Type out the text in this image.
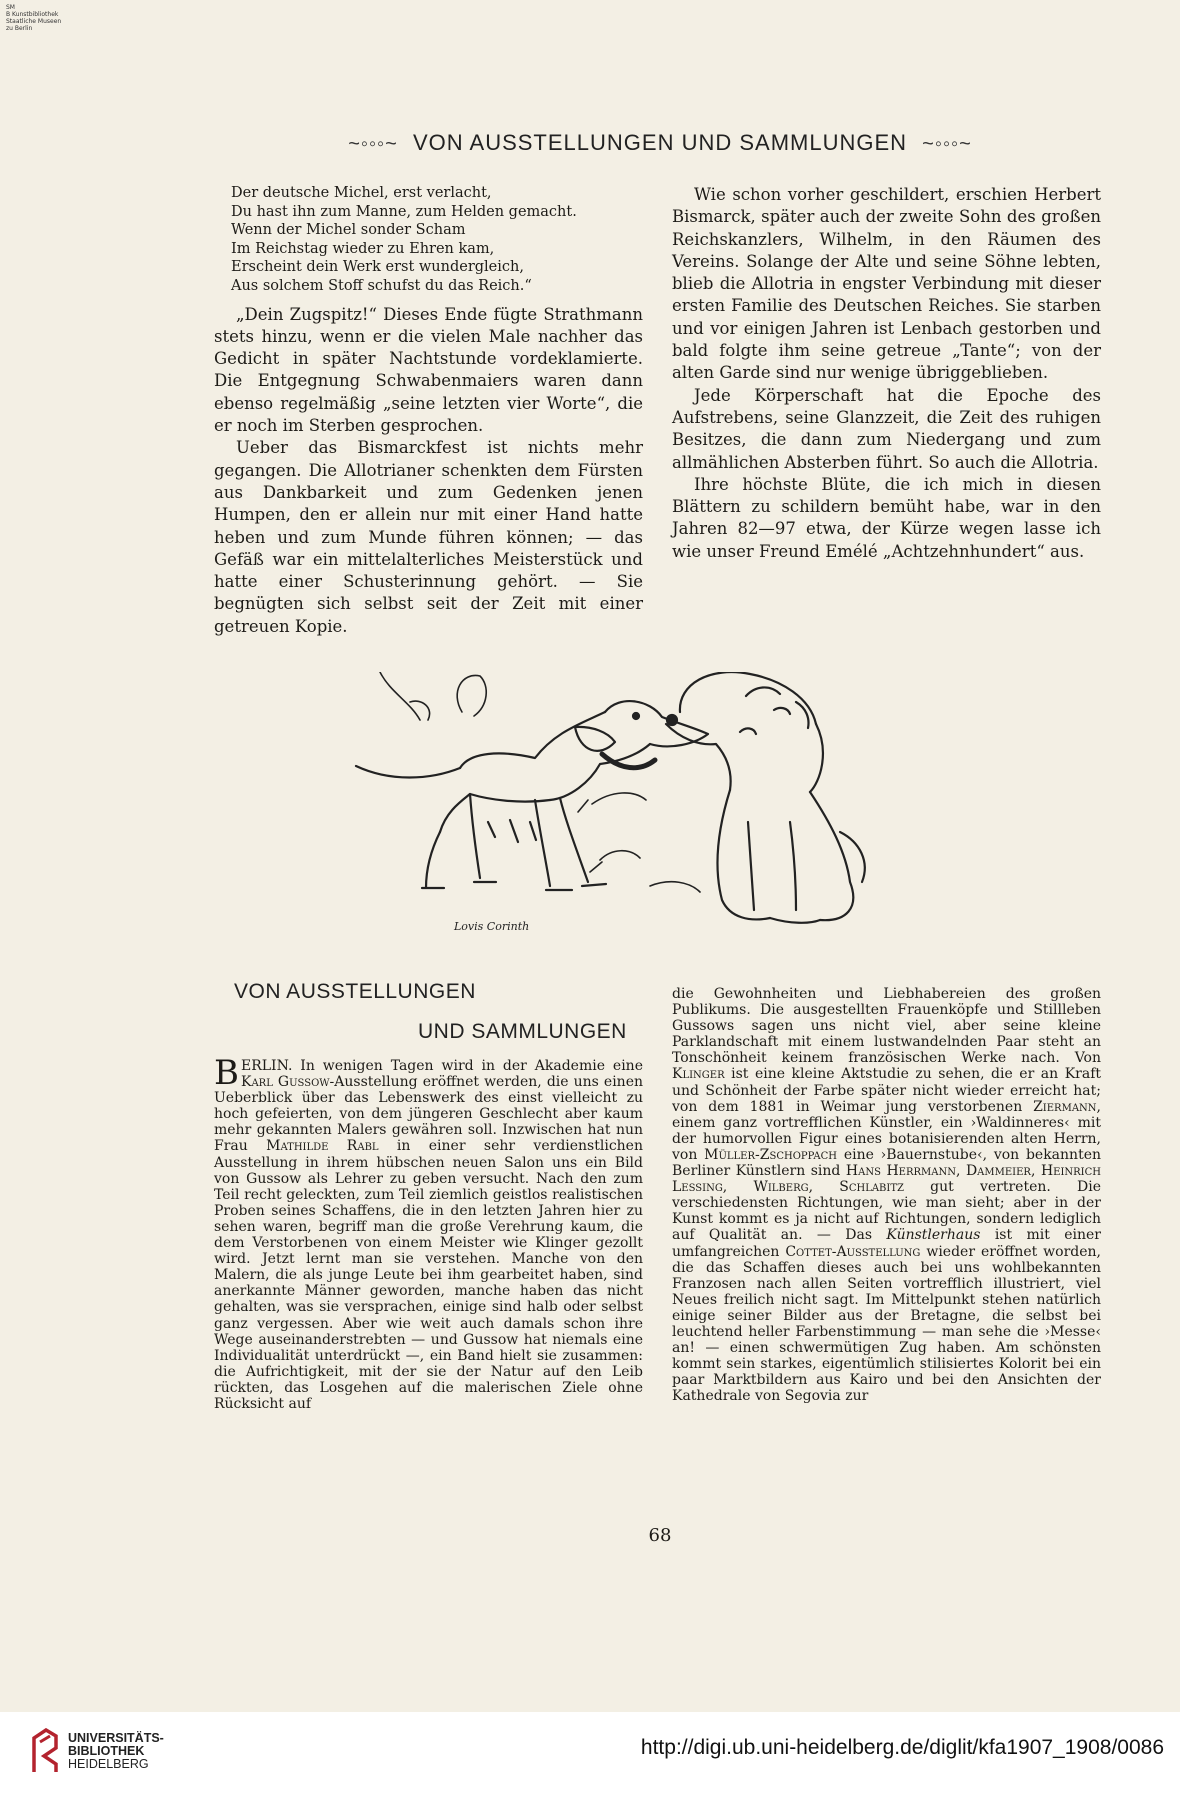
SM
B Kunstbibliothek
Staatliche Museen
zu Berlin
~◦◦◦~ VON AUSSTELLUNGEN UND SAMMLUNGEN ~◦◦◦~
Der deutsche Michel, erst verlacht,
Du hast ihn zum Manne, zum Helden gemacht.
Wenn der Michel sonder Scham
Im Reichstag wieder zu Ehren kam,
Erscheint dein Werk erst wundergleich,
Aus solchem Stoff schufst du das Reich.“

„Dein Zugspitz!“ Dieses Ende fügte Strathmann stets hinzu, wenn er die vielen Male nachher das Gedicht in später Nachtstunde vordeklamierte. Die Entgegnung Schwabenmaiers waren dann ebenso regelmäßig „seine letzten vier Worte“, die er noch im Sterben gesprochen.

Ueber das Bismarckfest ist nichts mehr gegangen. Die Allotrianer schenkten dem Fürsten aus Dankbarkeit und zum Gedenken jenen Humpen, den er allein nur mit einer Hand hatte heben und zum Munde führen können; — das Gefäß war ein mittelalterliches Meisterstück und hatte einer Schusterinnung gehört. — Sie begnügten sich selbst seit der Zeit mit einer getreuen Kopie.

Wie schon vorher geschildert, erschien Herbert Bismarck, später auch der zweite Sohn des großen Reichskanzlers, Wilhelm, in den Räumen des Vereins. Solange der Alte und seine Söhne lebten, blieb die Allotria in engster Verbindung mit dieser ersten Familie des Deutschen Reiches. Sie starben und vor einigen Jahren ist Lenbach gestorben und bald folgte ihm seine getreue „Tante“; von der alten Garde sind nur wenige übriggeblieben.

Jede Körperschaft hat die Epoche des Aufstrebens, seine Glanzzeit, die Zeit des ruhigen Besitzes, die dann zum Niedergang und zum allmählichen Absterben führt. So auch die Allotria.

Ihre höchste Blüte, die ich mich in diesen Blättern zu schildern bemüht habe, war in den Jahren 82—97 etwa, der Kürze wegen lasse ich wie unser Freund Emélé „Achtzehnhundert“ aus.

Lovis Corinth
VON AUSSTELLUNGEN
UND SAMMLUNGEN

BERLIN. In wenigen Tagen wird in der Akademie eine Karl Gussow-Ausstellung eröffnet werden, die uns einen Ueberblick über das Lebenswerk des einst vielleicht zu hoch gefeierten, von dem jüngeren Geschlecht aber kaum mehr gekannten Malers gewähren soll. Inzwischen hat nun Frau Mathilde Rabl in einer sehr verdienstlichen Ausstellung in ihrem hübschen neuen Salon uns ein Bild von Gussow als Lehrer zu geben versucht. Nach den zum Teil recht geleckten, zum Teil ziemlich geistlos realistischen Proben seines Schaffens, die in den letzten Jahren hier zu sehen waren, begriff man die große Verehrung kaum, die dem Verstorbenen von einem Meister wie Klinger gezollt wird. Jetzt lernt man sie verstehen. Manche von den Malern, die als junge Leute bei ihm gearbeitet haben, sind anerkannte Männer geworden, manche haben das nicht gehalten, was sie versprachen, einige sind halb oder selbst ganz vergessen. Aber wie weit auch damals schon ihre Wege auseinanderstrebten — und Gussow hat niemals eine Individualität unterdrückt —, ein Band hielt sie zusammen: die Aufrichtigkeit, mit der sie der Natur auf den Leib rückten, das Losgehen auf die malerischen Ziele ohne Rücksicht auf

die Gewohnheiten und Liebhabereien des großen Publikums. Die ausgestellten Frauenköpfe und Stillleben Gussows sagen uns nicht viel, aber seine kleine Parklandschaft mit einem lustwandelnden Paar steht an Tonschönheit keinem französischen Werke nach. Von Klinger ist eine kleine Aktstudie zu sehen, die er an Kraft und Schönheit der Farbe später nicht wieder erreicht hat; von dem 1881 in Weimar jung verstorbenen Ziermann, einem ganz vortrefflichen Künstler, ein ›Waldinneres‹ mit der humorvollen Figur eines botanisierenden alten Herrn, von Müller-Zschoppach eine ›Bauernstube‹, von bekannten Berliner Künstlern sind Hans Herrmann, Dammeier, Heinrich Lessing, Wilberg, Schlabitz gut vertreten. Die verschiedensten Richtungen, wie man sieht; aber in der Kunst kommt es ja nicht auf Richtungen, sondern lediglich auf Qualität an. — Das Künstlerhaus ist mit einer umfangreichen Cottet-Ausstellung wieder eröffnet worden, die das Schaffen dieses auch bei uns wohlbekannten Franzosen nach allen Seiten vortrefflich illustriert, viel Neues freilich nicht sagt. Im Mittelpunkt stehen natürlich einige seiner Bilder aus der Bretagne, die selbst bei leuchtend heller Farbenstimmung — man sehe die ›Messe‹ an! — einen schwermütigen Zug haben. Am schönsten kommt sein starkes, eigentümlich stilisiertes Kolorit bei ein paar Marktbildern aus Kairo und bei den Ansichten der Kathedrale von Segovia zur

68
UNIVERSITÄTS-
BIBLIOTHEK
HEIDELBERG
http://digi.ub.uni-heidelberg.de/diglit/kfa1907_1908/0086
